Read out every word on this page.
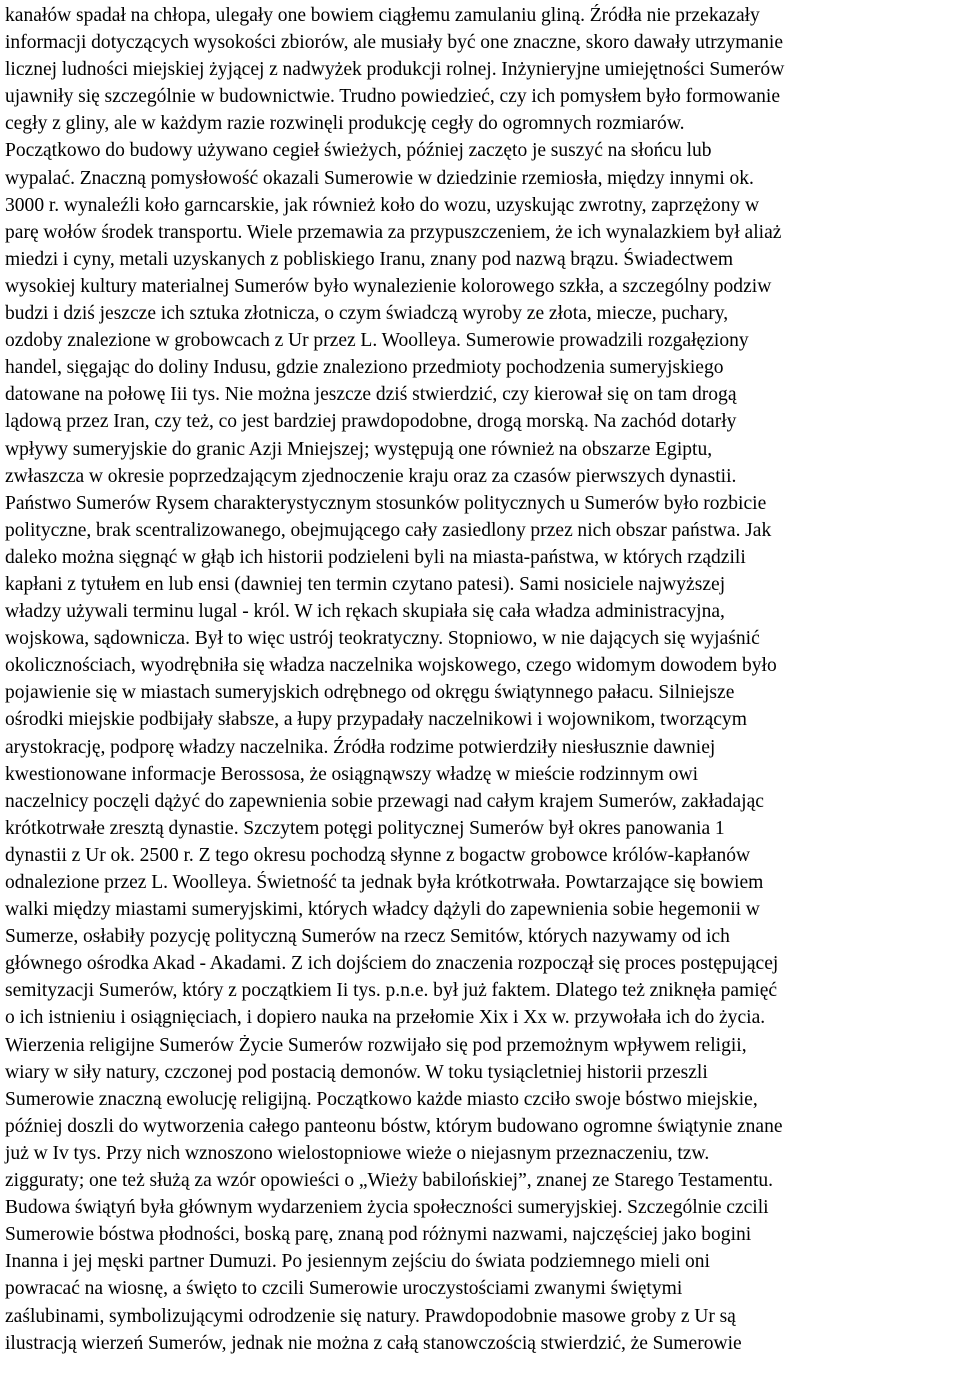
kanałów spadał na chłopa, ulegały one bowiem ciągłemu zamulaniu gliną. Źródła nie przekazały
informacji dotyczących wysokości zbiorów, ale musiały być one znaczne, skoro dawały utrzymanie
licznej ludności miejskiej żyjącej z nadwyżek produkcji rolnej. Inżynieryjne umiejętności Sumerów
ujawniły się szczególnie w budownictwie. Trudno powiedzieć, czy ich pomysłem było formowanie
cegły z gliny, ale w każdym razie rozwinęli produkcję cegły do ogromnych rozmiarów.
Początkowo do budowy używano cegieł świeżych, później zaczęto je suszyć na słońcu lub
wypalać. Znaczną pomysłowość okazali Sumerowie w dziedzinie rzemiosła, między innymi ok.
3000 r. wynaleźli koło garncarskie, jak również koło do wozu, uzyskując zwrotny, zaprzężony w
parę wołów środek transportu. Wiele przemawia za przypuszczeniem, że ich wynalazkiem był aliaż
miedzi i cyny, metali uzyskanych z pobliskiego Iranu, znany pod nazwą brązu. Świadectwem
wysokiej kultury materialnej Sumerów było wynalezienie kolorowego szkła, a szczególny podziw
budzi i dziś jeszcze ich sztuka złotnicza, o czym świadczą wyroby ze złota, miecze, puchary,
ozdoby znalezione w grobowcach z Ur przez L. Woolleya. Sumerowie prowadzili rozgałęziony
handel, sięgając do doliny Indusu, gdzie znaleziono przedmioty pochodzenia sumeryjskiego
datowane na połowę Iii tys. Nie można jeszcze dziś stwierdzić, czy kierował się on tam drogą
lądową przez Iran, czy też, co jest bardziej prawdopodobne, drogą morską. Na zachód dotarły
wpływy sumeryjskie do granic Azji Mniejszej; występują one również na obszarze Egiptu,
zwłaszcza w okresie poprzedzającym zjednoczenie kraju oraz za czasów pierwszych dynastii.
Państwo Sumerów Rysem charakterystycznym stosunków politycznych u Sumerów było rozbicie
polityczne, brak scentralizowanego, obejmującego cały zasiedlony przez nich obszar państwa. Jak
daleko można sięgnąć w głąb ich historii podzieleni byli na miasta-państwa, w których rządzili
kapłani z tytułem en lub ensi (dawniej ten termin czytano patesi). Sami nosiciele najwyższej
władzy używali terminu lugal - król. W ich rękach skupiała się cała władza administracyjna,
wojskowa, sądownicza. Był to więc ustrój teokratyczny. Stopniowo, w nie dających się wyjaśnić
okolicznościach, wyodrębniła się władza naczelnika wojskowego, czego widomym dowodem było
pojawienie się w miastach sumeryjskich odrębnego od okręgu świątynnego pałacu. Silniejsze
ośrodki miejskie podbijały słabsze, a łupy przypadały naczelnikowi i wojownikom, tworzącym
arystokrację, podporę władzy naczelnika. Źródła rodzime potwierdziły niesłusznie dawniej
kwestionowane informacje Berossosa, że osiągnąwszy władzę w mieście rodzinnym owi
naczelnicy poczęli dążyć do zapewnienia sobie przewagi nad całym krajem Sumerów, zakładając
krótkotrwałe zresztą dynastie. Szczytem potęgi politycznej Sumerów był okres panowania 1
dynastii z Ur ok. 2500 r. Z tego okresu pochodzą słynne z bogactw grobowce królów-kapłanów
odnalezione przez L. Woolleya. Świetność ta jednak była krótkotrwała. Powtarzające się bowiem
walki między miastami sumeryjskimi, których władcy dążyli do zapewnienia sobie hegemonii w
Sumerze, osłabiły pozycję polityczną Sumerów na rzecz Semitów, których nazywamy od ich
głównego ośrodka Akad - Akadami. Z ich dojściem do znaczenia rozpoczął się proces postępującej
semityzacji Sumerów, który z początkiem Ii tys. p.n.e. był już faktem. Dlatego też zniknęła pamięć
o ich istnieniu i osiągnięciach, i dopiero nauka na przełomie Xix i Xx w. przywołała ich do życia.
Wierzenia religijne Sumerów Życie Sumerów rozwijało się pod przemożnym wpływem religii,
wiary w siły natury, czczonej pod postacią demonów. W toku tysiącletniej historii przeszli
Sumerowie znaczną ewolucję religijną. Początkowo każde miasto czciło swoje bóstwo miejskie,
później doszli do wytworzenia całego panteonu bóstw, którym budowano ogromne świątynie znane
już w Iv tys. Przy nich wznoszono wielostopniowe wieże o niejasnym przeznaczeniu, tzw.
zigguraty; one też służą za wzór opowieści o „Wieży babilońskiej”, znanej ze Starego Testamentu.
Budowa świątyń była głównym wydarzeniem życia społeczności sumeryjskiej. Szczególnie czcili
Sumerowie bóstwa płodności, boską parę, znaną pod różnymi nazwami, najczęściej jako bogini
Inanna i jej męski partner Dumuzi. Po jesiennym zejściu do świata podziemnego mieli oni
powracać na wiosnę, a święto to czcili Sumerowie uroczystościami zwanymi świętymi
zaślubinami, symbolizującymi odrodzenie się natury. Prawdopodobnie masowe groby z Ur są
ilustracją wierzeń Sumerów, jednak nie można z całą stanowczością stwierdzić, że Sumerowie
